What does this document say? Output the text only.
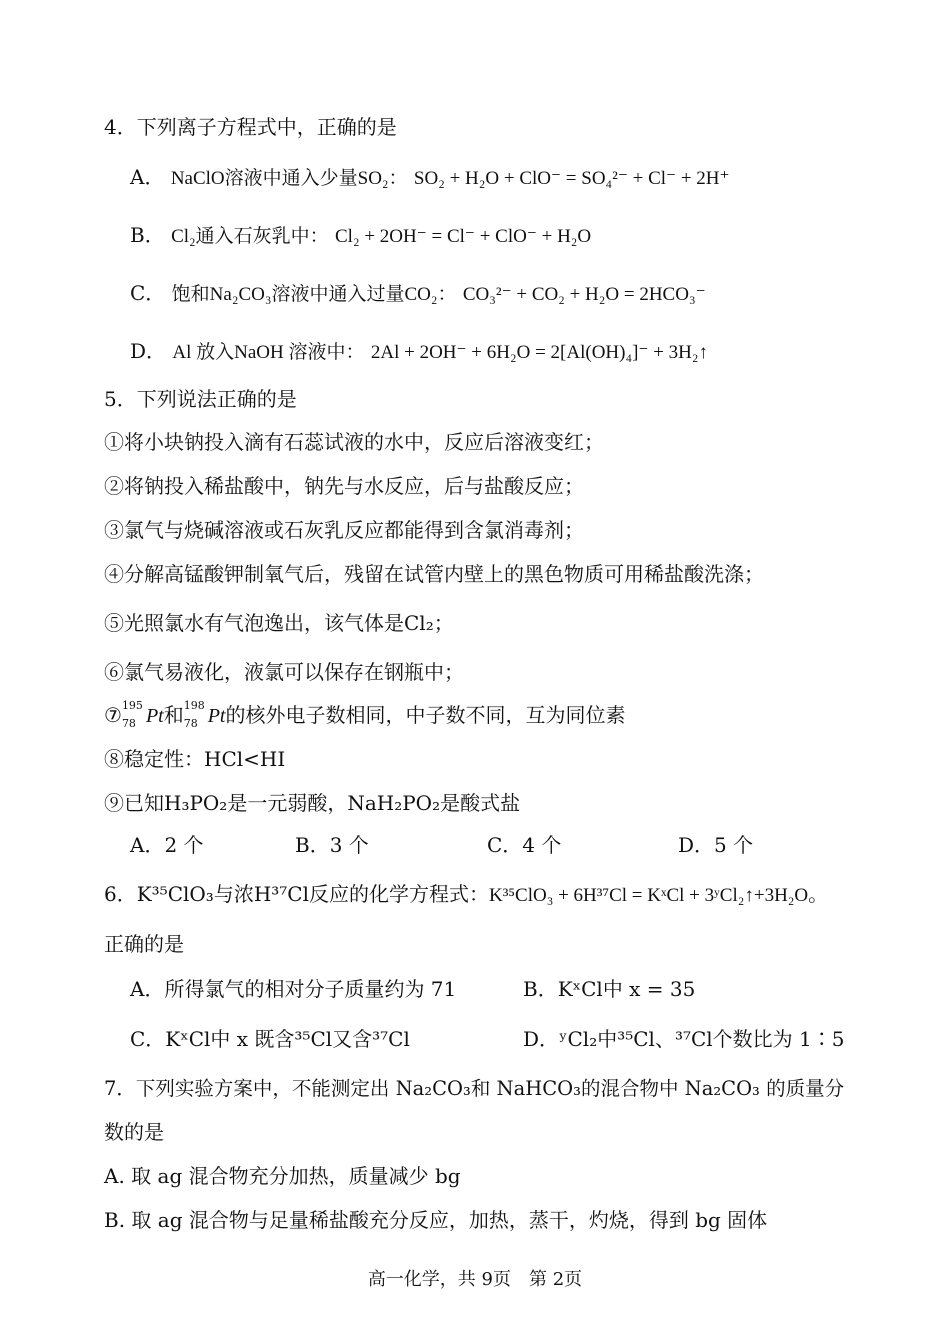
4．下列离子方程式中，正确的是
A． NaClO溶液中通入少量SO₂： SO₂ + H₂O + ClO⁻ = SO₄²⁻ + Cl⁻ + 2H⁺
B． Cl₂通入石灰乳中： Cl₂ + 2OH⁻ = Cl⁻ + ClO⁻ + H₂O
C． 饱和Na₂CO₃溶液中通入过量CO₂： CO₃²⁻ + CO₂ + H₂O = 2HCO₃⁻
D． Al 放入NaOH 溶液中： 2Al + 2OH⁻ + 6H₂O = 2[Al(OH)₄]⁻ + 3H₂↑
5．下列说法正确的是
①将小块钠投入滴有石蕊试液的水中，反应后溶液变红；
②将钠投入稀盐酸中，钠先与水反应，后与盐酸反应；
③氯气与烧碱溶液或石灰乳反应都能得到含氯消毒剂；
④分解高锰酸钾制氧气后，残留在试管内壁上的黑色物质可用稀盐酸洗涤；
⑤光照氯水有气泡逸出，该气体是Cl₂；
⑥氯气易液化，液氯可以保存在钢瓶中；
⑦ 195
78 Pt和 198
78 Pt的核外电子数相同，中子数不同，互为同位素
⑧稳定性：HCl<HI
⑨已知H₃PO₂是一元弱酸，NaH₂PO₂是酸式盐
A．2 个	B．3 个	C．4 个	D．5 个
6．K³⁵ClO₃与浓H³⁷Cl反应的化学方程式：K³⁵ClO₃ + 6H³⁷Cl = KˣCl + 3ʸCl₂↑+3H₂O。
正确的是
A．所得氯气的相对分子质量约为 71	B．KˣCl中 x = 35
C．KˣCl中 x 既含³⁵Cl又含³⁷Cl	D．ʸCl₂中³⁵Cl、³⁷Cl个数比为 1∶5
7．下列实验方案中，不能测定出 Na₂CO₃和 NaHCO₃的混合物中 Na₂CO₃ 的质量分
数的是
A. 取 ag 混合物充分加热，质量减少 bg
B. 取 ag 混合物与足量稀盐酸充分反应，加热，蒸干，灼烧，得到 bg 固体
高一化学，共 9页　第 2页
